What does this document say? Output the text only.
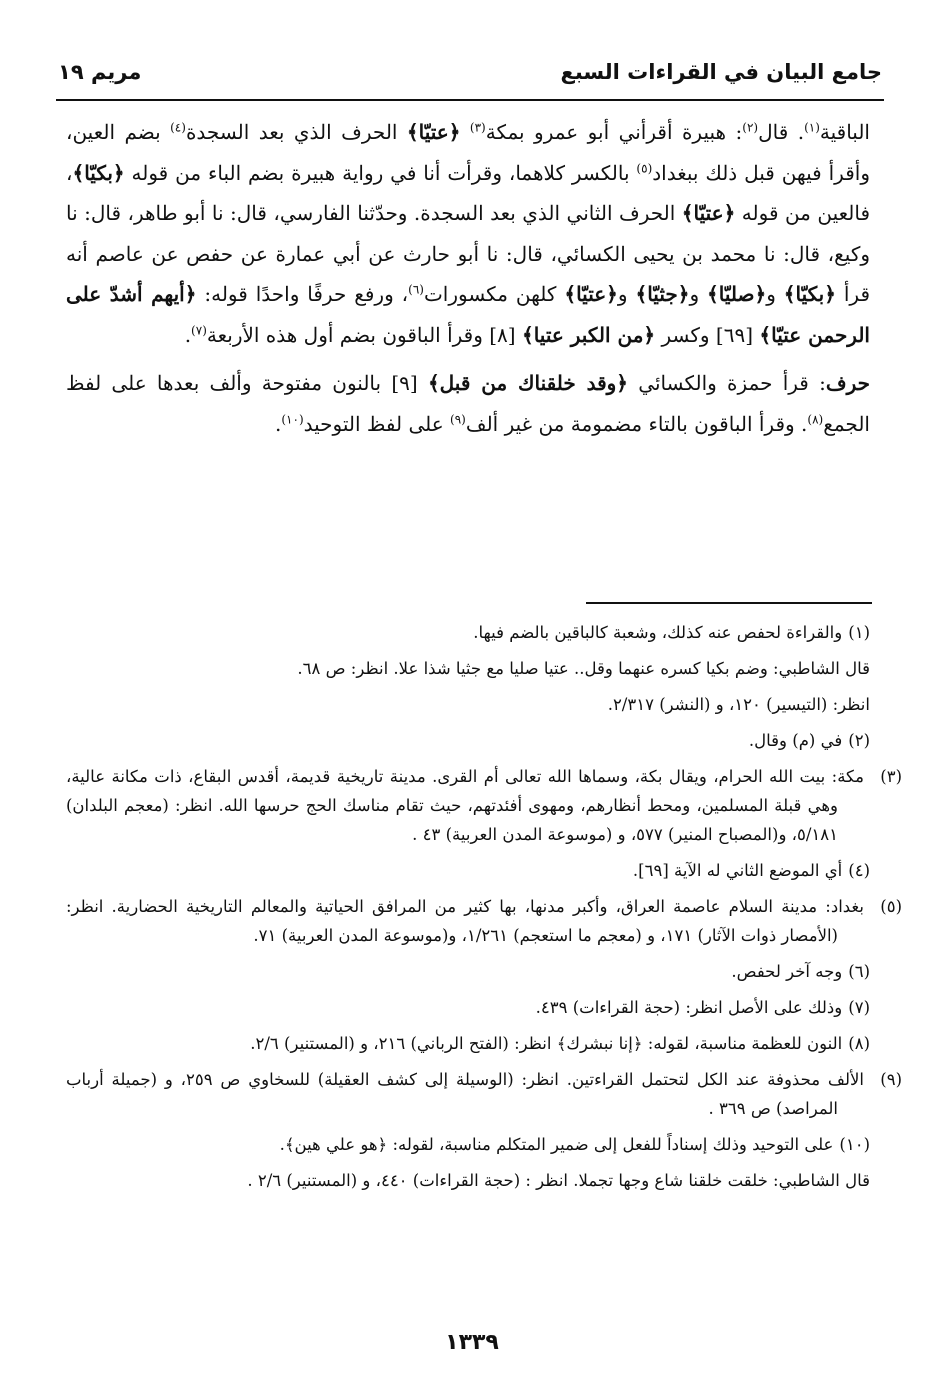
جامع البيان في القراءات السبع
مريم ١٩

الباقية$^{(١)}$. قال$^{(٢)}$: هبيرة أقرأني أبو عمرو بمكة$^{(٣)}$ ﴿عتيّا﴾ الحرف الذي بعد السجدة$^{(٤)}$ بضم العين، وأقرأ فيهن قبل ذلك ببغداد$^{(٥)}$ بالكسر كلاهما، وقرأت أنا في رواية هبيرة بضم الباء من قوله ﴿بكيّا﴾، فالعين من قوله ﴿عتيّا﴾ الحرف الثاني الذي بعد السجدة. وحدّثنا الفارسي، قال: نا أبو طاهر، قال: نا وكيع، قال: نا محمد بن يحيى الكسائي، قال: نا أبو حارث عن أبي عمارة عن حفص عن عاصم أنه قرأ ﴿بكيّا﴾ و﴿صليّا﴾ و﴿جثيّا﴾ و﴿عتيّا﴾ كلهن مكسورات$^{(٦)}$، ورفع حرفًا واحدًا قوله: ﴿أيهم أشدّ على الرحمن عتيّا﴾ [٦٩] وكسر ﴿من الكبر عتيا﴾ [٨] وقرأ الباقون بضم أول هذه الأربعة$^{(٧)}$.

حرف: قرأ حمزة والكسائي ﴿وقد خلقناك من قبل﴾ [٩] بالنون مفتوحة وألف بعدها على لفظ الجمع$^{(٨)}$. وقرأ الباقون بالتاء مضمومة من غير ألف$^{(٩)}$ على لفظ التوحيد$^{(١٠)}$.

(١)والقراءة لحفص عنه كذلك، وشعبة كالباقين بالضم فيها.
قال الشاطبي: وضم بكيا كسره عنهما وقل.. عتيا صليا مع جثيا شذا علا. انظر: ص ٦٨.
انظر: (التيسير) ١٢٠، و (النشر) ٢/٣١٧.
(٢)في (م) وقال.
(٣)مكة: بيت الله الحرام، ويقال بكة، وسماها الله تعالى أم القرى. مدينة تاريخية قديمة، أقدس البقاع، ذات مكانة عالية، وهي قبلة المسلمين، ومحط أنظارهم، ومهوى أفئدتهم، حيث تقام مناسك الحج حرسها الله. انظر: (معجم البلدان) ٥/١٨١، و(المصباح المنير) ٥٧٧، و (موسوعة المدن العربية) ٤٣ .
(٤)أي الموضع الثاني له الآية [٦٩].
(٥)بغداد: مدينة السلام عاصمة العراق، وأكبر مدنها، بها كثير من المرافق الحياتية والمعالم التاريخية الحضارية. انظر: (الأمصار ذوات الآثار) ١٧١، و (معجم ما استعجم) ١/٢٦١، و(موسوعة المدن العربية) ٧١.
(٦)وجه آخر لحفص.
(٧)وذلك على الأصل انظر: (حجة القراءات) ٤٣٩.
(٨)النون للعظمة مناسبة، لقوله: ﴿إنا نبشرك﴾ انظر: (الفتح الرباني) ٢١٦، و (المستنير) ٢/٦.
(٩)الألف محذوفة عند الكل لتحتمل القراءتين. انظر: (الوسيلة إلى كشف العقيلة) للسخاوي ص ٢٥٩، و (جميلة أرباب المراصد) ص ٣٦٩ .
(١٠)على التوحيد وذلك إسناداً للفعل إلى ضمير المتكلم مناسبة، لقوله: ﴿هو علي هين﴾.
قال الشاطبي: خلقت خلقنا شاع وجها تجملا. انظر : (حجة القراءات) ٤٤٠، و (المستنير) ٢/٦ .
١٣٣٩
